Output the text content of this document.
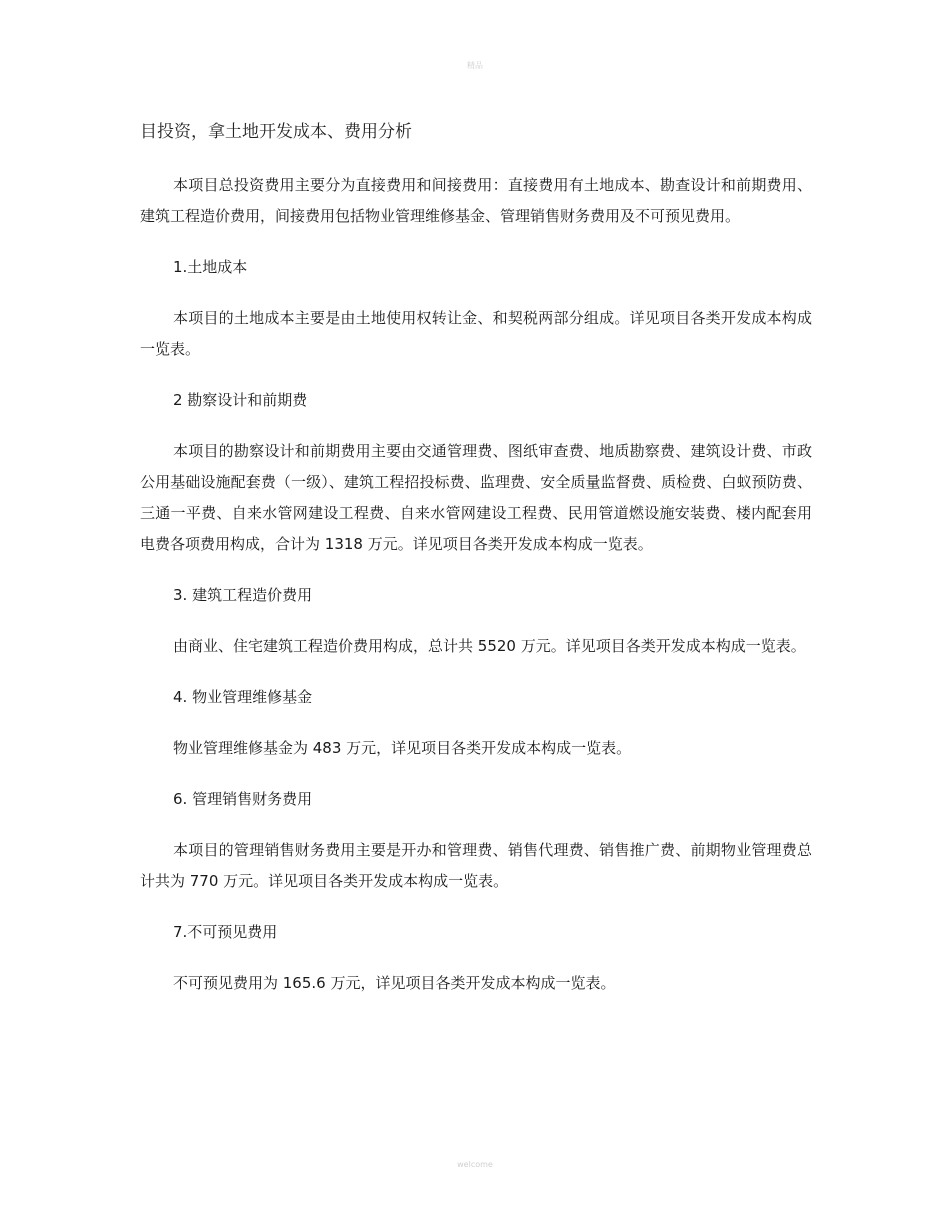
精品
目投资，拿土地开发成本、费用分析

本项目总投资费用主要分为直接费用和间接费用：直接费用有土地成本、勘查设计和前期费用、建筑工程造价费用，间接费用包括物业管理维修基金、管理销售财务费用及不可预见费用。

1.土地成本

本项目的土地成本主要是由土地使用权转让金、和契税两部分组成。详见项目各类开发成本构成一览表。

2 勘察设计和前期费

本项目的勘察设计和前期费用主要由交通管理费、图纸审查费、地质勘察费、建筑设计费、市政公用基础设施配套费（一级）、建筑工程招投标费、监理费、安全质量监督费、质检费、白蚁预防费、三通一平费、自来水管网建设工程费、自来水管网建设工程费、民用管道燃设施安装费、楼内配套用电费各项费用构成，合计为 1318 万元。详见项目各类开发成本构成一览表。

3. 建筑工程造价费用

由商业、住宅建筑工程造价费用构成，总计共 5520 万元。详见项目各类开发成本构成一览表。

4. 物业管理维修基金

物业管理维修基金为 483 万元，详见项目各类开发成本构成一览表。

6. 管理销售财务费用

本项目的管理销售财务费用主要是开办和管理费、销售代理费、销售推广费、前期物业管理费总计共为 770 万元。详见项目各类开发成本构成一览表。

7.不可预见费用

不可预见费用为 165.6 万元，详见项目各类开发成本构成一览表。

welcome
